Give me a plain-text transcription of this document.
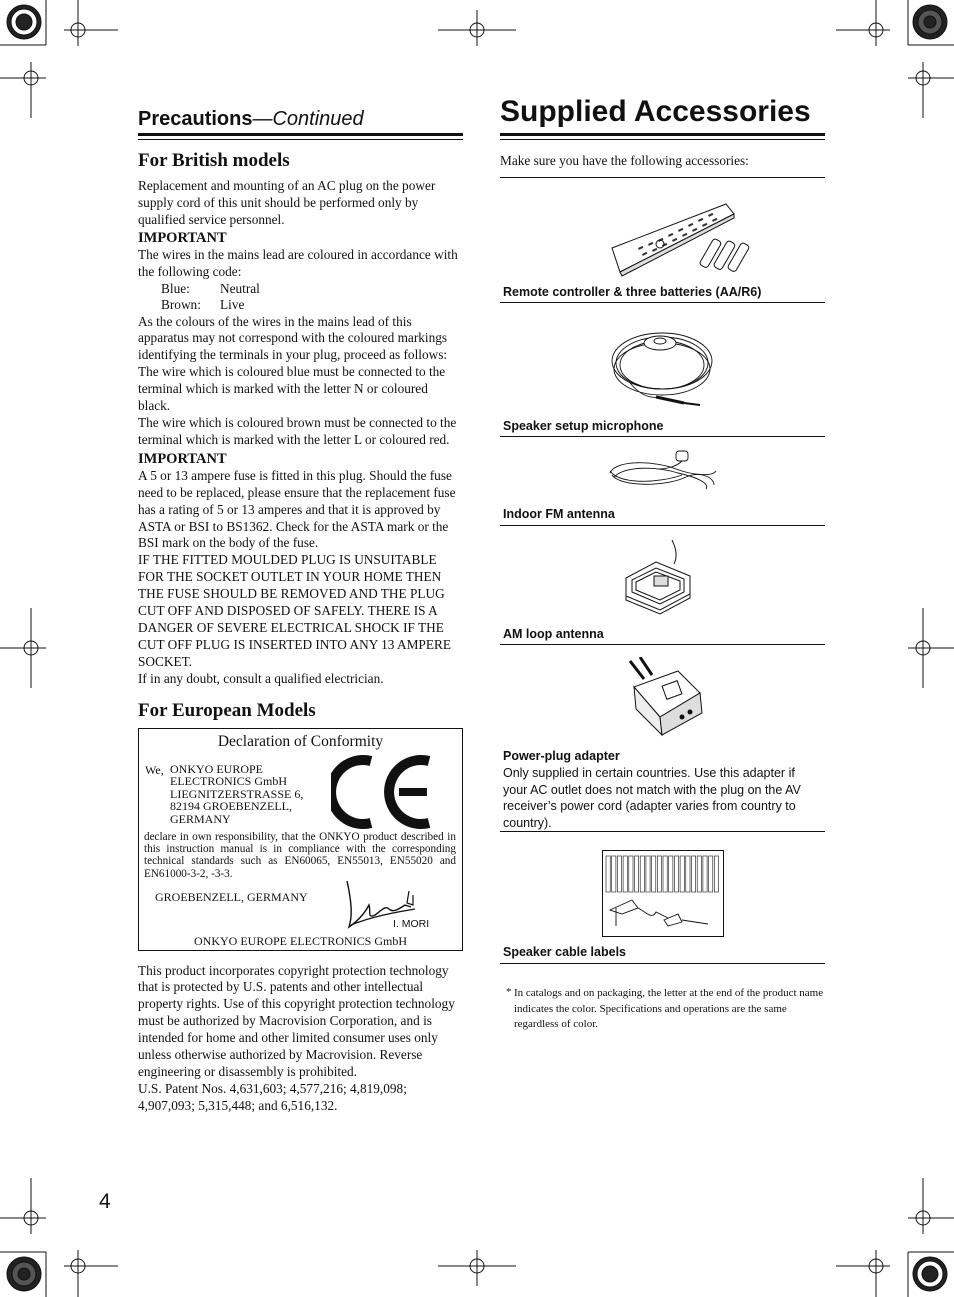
Precautions—Continued
For British models

Replacement and mounting of an AC plug on the power supply cord of this unit should be performed only by qualified service personnel.

IMPORTANT

The wires in the mains lead are coloured in accordance with the following code:

Blue:	Neutral
Brown:	Live

As the colours of the wires in the mains lead of this apparatus may not correspond with the coloured markings identifying the terminals in your plug, proceed as follows:

The wire which is coloured blue must be connected to the terminal which is marked with the letter N or coloured black.

The wire which is coloured brown must be connected to the terminal which is marked with the letter L or coloured red.

IMPORTANT

A 5 or 13 ampere fuse is fitted in this plug. Should the fuse need to be replaced, please ensure that the replacement fuse has a rating of 5 or 13 amperes and that it is approved by ASTA or BSI to BS1362. Check for the ASTA mark or the BSI mark on the body of the fuse.

IF THE FITTED MOULDED PLUG IS UNSUITABLE FOR THE SOCKET OUTLET IN YOUR HOME THEN THE FUSE SHOULD BE REMOVED AND THE PLUG CUT OFF AND DISPOSED OF SAFELY. THERE IS A DANGER OF SEVERE ELECTRICAL SHOCK IF THE CUT OFF PLUG IS INSERTED INTO ANY 13 AMPERE SOCKET.

If in any doubt, consult a qualified electrician.

For European Models
Declaration of Conformity
We, ONKYO EUROPE
ELECTRONICS GmbH
LIEGNITZERSTRASSE 6,
82194 GROEBENZELL,
GERMANY
declare in own responsibility, that the ONKYO product described in this instruction manual is in compliance with the corresponding technical standards such as EN60065, EN55013, EN55020 and EN61000-3-2, -3-3.
GROEBENZELL, GERMANY
I. MORI
ONKYO EUROPE ELECTRONICS GmbH

This product incorporates copyright protection technology that is protected by U.S. patents and other intellectual property rights. Use of this copyright protection technology must be authorized by Macrovision Corporation, and is intended for home and other limited consumer uses only unless otherwise authorized by Macrovision. Reverse engineering or disassembly is prohibited.

U.S. Patent Nos. 4,631,603; 4,577,216; 4,819,098; 4,907,093; 5,315,448; and 6,516,132.

4
Supplied Accessories
Make sure you have the following accessories:
Remote controller & three batteries (AA/R6)
Speaker setup microphone
Indoor FM antenna
AM loop antenna
Power-plug adapter
Only supplied in certain countries. Use this adapter if your AC outlet does not match with the plug on the AV receiver’s power cord (adapter varies from country to country).
Speaker cable labels
* In catalogs and on packaging, the letter at the end of the product name indicates the color. Specifications and operations are the same regardless of color.
